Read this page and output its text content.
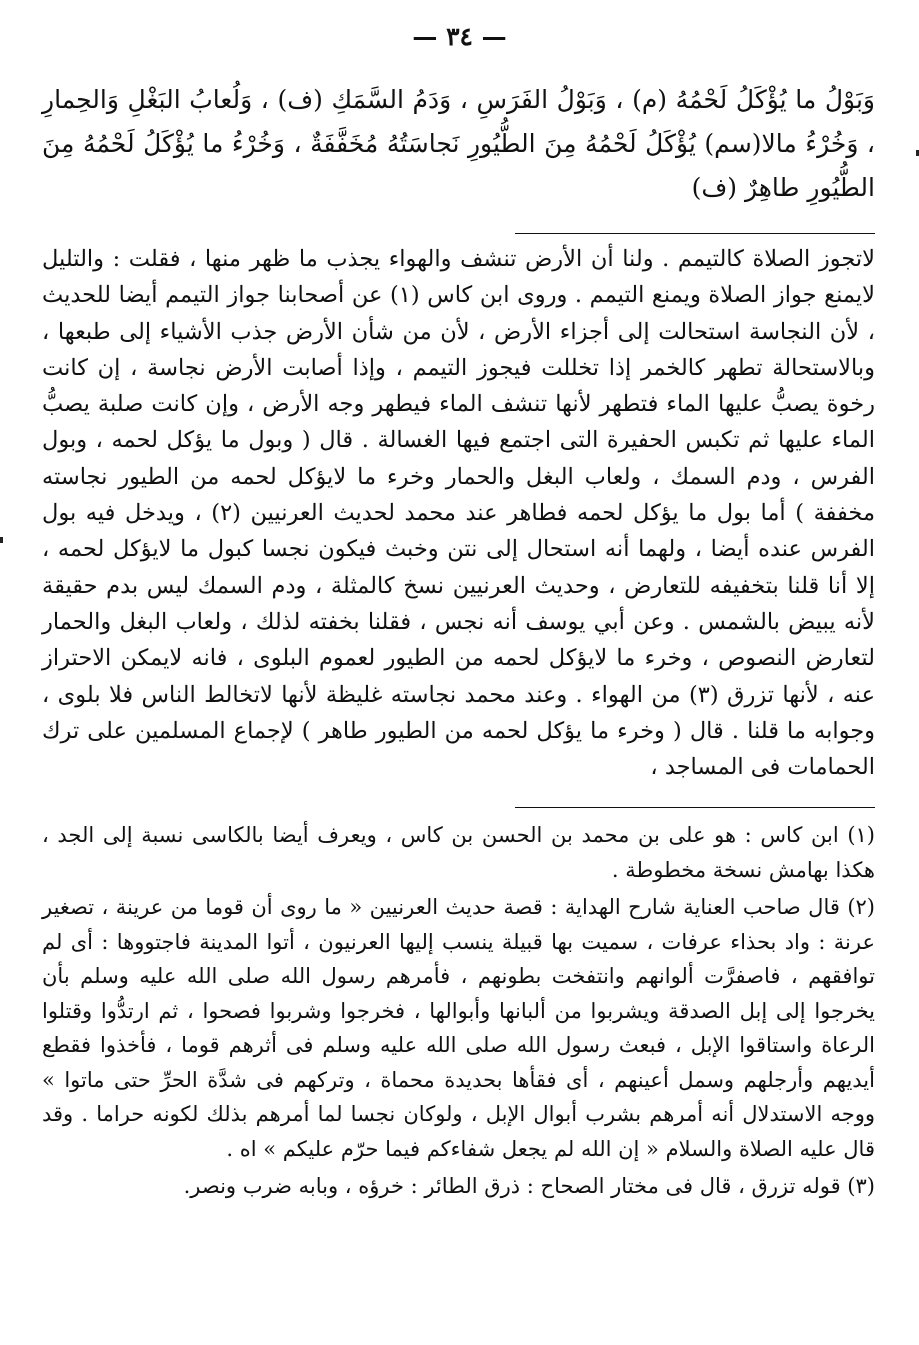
— ٣٤ —

وَبَوْلُ ما يُؤْكَلُ لَحْمُهُ (م) ، وَبَوْلُ الفَرَسِ ، وَدَمُ السَّمَكِ (ف) ، وَلُعابُ البَغْلِ وَالحِمارِ ، وَخُرْءُ مالا(سم) يُؤْكَلُ لَحْمُهُ مِنَ الطُّيُورِ نَجاسَتُهُ مُخَفَّفَةٌ ، وَخُرْءُ ما يُؤْكَلُ لَحْمُهُ مِنَ الطُّيُورِ طاهِرٌ (ف)

لاتجوز الصلاة كالتيمم . ولنا أن الأرض تنشف والهواء يجذب ما ظهر منها ، فقلت : والتليل لايمنع جواز الصلاة ويمنع التيمم . وروى ابن كاس (١) عن أصحابنا جواز التيمم أيضا للحديث ، لأن النجاسة استحالت إلى أجزاء الأرض ، لأن من شأن الأرض جذب الأشياء إلى طبعها ، وبالاستحالة تطهر كالخمر إذا تخللت فيجوز التيمم ، وإذا أصابت الأرض نجاسة ، إن كانت رخوة يصبُّ عليها الماء فتطهر لأنها تنشف الماء فيطهر وجه الأرض ، وإن كانت صلبة يصبُّ الماء عليها ثم تكبس الحفيرة التى اجتمع فيها الغسالة . قال ( وبول ما يؤكل لحمه ، وبول الفرس ، ودم السمك ، ولعاب البغل والحمار وخرء ما لايؤكل لحمه من الطيور نجاسته مخففة ) أما بول ما يؤكل لحمه فطاهر عند محمد لحديث العرنيين (٢) ، ويدخل فيه بول الفرس عنده أيضا ، ولهما أنه استحال إلى نتن وخبث فيكون نجسا كبول ما لايؤكل لحمه ، إلا أنا قلنا بتخفيفه للتعارض ، وحديث العرنيين نسخ كالمثلة ، ودم السمك ليس بدم حقيقة لأنه يبيض بالشمس . وعن أبي يوسف أنه نجس ، فقلنا بخفته لذلك ، ولعاب البغل والحمار لتعارض النصوص ، وخرء ما لايؤكل لحمه من الطيور لعموم البلوى ، فانه لايمكن الاحتراز عنه ، لأنها تزرق (٣) من الهواء . وعند محمد نجاسته غليظة لأنها لاتخالط الناس فلا بلوى ، وجوابه ما قلنا . قال ( وخرء ما يؤكل لحمه من الطيور طاهر ) لإجماع المسلمين على ترك الحمامات فى المساجد ،

(١) ابن كاس : هو على بن محمد بن الحسن بن كاس ، ويعرف أيضا بالكاسى نسبة إلى الجد ، هكذا بهامش نسخة مخطوطة .

(٢) قال صاحب العناية شارح الهداية : قصة حديث العرنيين « ما روى أن قوما من عرينة ، تصغير عرنة : واد بحذاء عرفات ، سميت بها قبيلة ينسب إليها العرنيون ، أتوا المدينة فاجتووها : أى لم توافقهم ، فاصفرَّت ألوانهم وانتفخت بطونهم ، فأمرهم رسول الله صلى الله عليه وسلم بأن يخرجوا إلى إبل الصدقة ويشربوا من ألبانها وأبوالها ، فخرجوا وشربوا فصحوا ، ثم ارتدُّوا وقتلوا الرعاة واستاقوا الإبل ، فبعث رسول الله صلى الله عليه وسلم فى أثرهم قوما ، فأخذوا فقطع أيديهم وأرجلهم وسمل أعينهم ، أى فقأها بحديدة محماة ، وتركهم فى شدَّة الحرِّ حتى ماتوا » ووجه الاستدلال أنه أمرهم بشرب أبوال الإبل ، ولوكان نجسا لما أمرهم بذلك لكونه حراما . وقد قال عليه الصلاة والسلام « إن الله لم يجعل شفاءكم فيما حرّم عليكم » اه .

(٣) قوله تزرق ، قال فى مختار الصحاح : ذرق الطائر : خرؤه ، وبابه ضرب ونصر.
